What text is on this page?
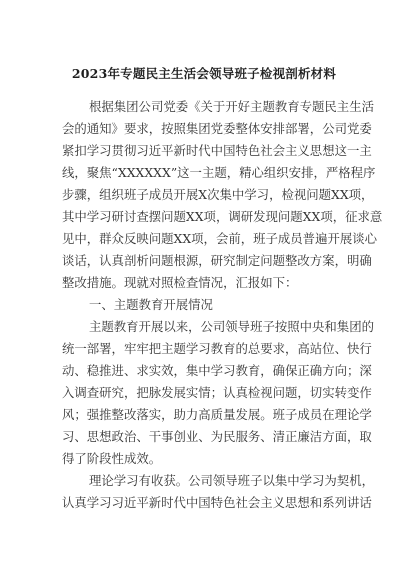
2023年专题民主生活会领导班子检视剖析材料
根据集团公司党委《关于开好主题教育专题民主生活
会的通知》要求，按照集团党委整体安排部署，公司党委
紧扣学习贯彻习近平新时代中国特色社会主义思想这一主
线，聚焦“XXXXXX”这一主题，精心组织安排，严格程序
步骤，组织班子成员开展X次集中学习，检视问题XX项，
其中学习研讨查摆问题XX项，调研发现问题XX项，征求意
见中，群众反映问题XX项，会前，班子成员普遍开展谈心
谈话，认真剖析问题根源，研究制定问题整改方案，明确
整改措施。现就对照检查情况，汇报如下：
一、主题教育开展情况
主题教育开展以来，公司领导班子按照中央和集团的
统一部署，牢牢把主题学习教育的总要求，高站位、快行
动、稳推进、求实效，集中学习教育，确保正确方向；深
入调查研究，把脉发展实情；认真检视问题，切实转变作
风；强推整改落实，助力高质量发展。班子成员在理论学
习、思想政治、干事创业、为民服务、清正廉洁方面，取
得了阶段性成效。
理论学习有收获。公司领导班子以集中学习为契机，
认真学习习近平新时代中国特色社会主义思想和系列讲话
